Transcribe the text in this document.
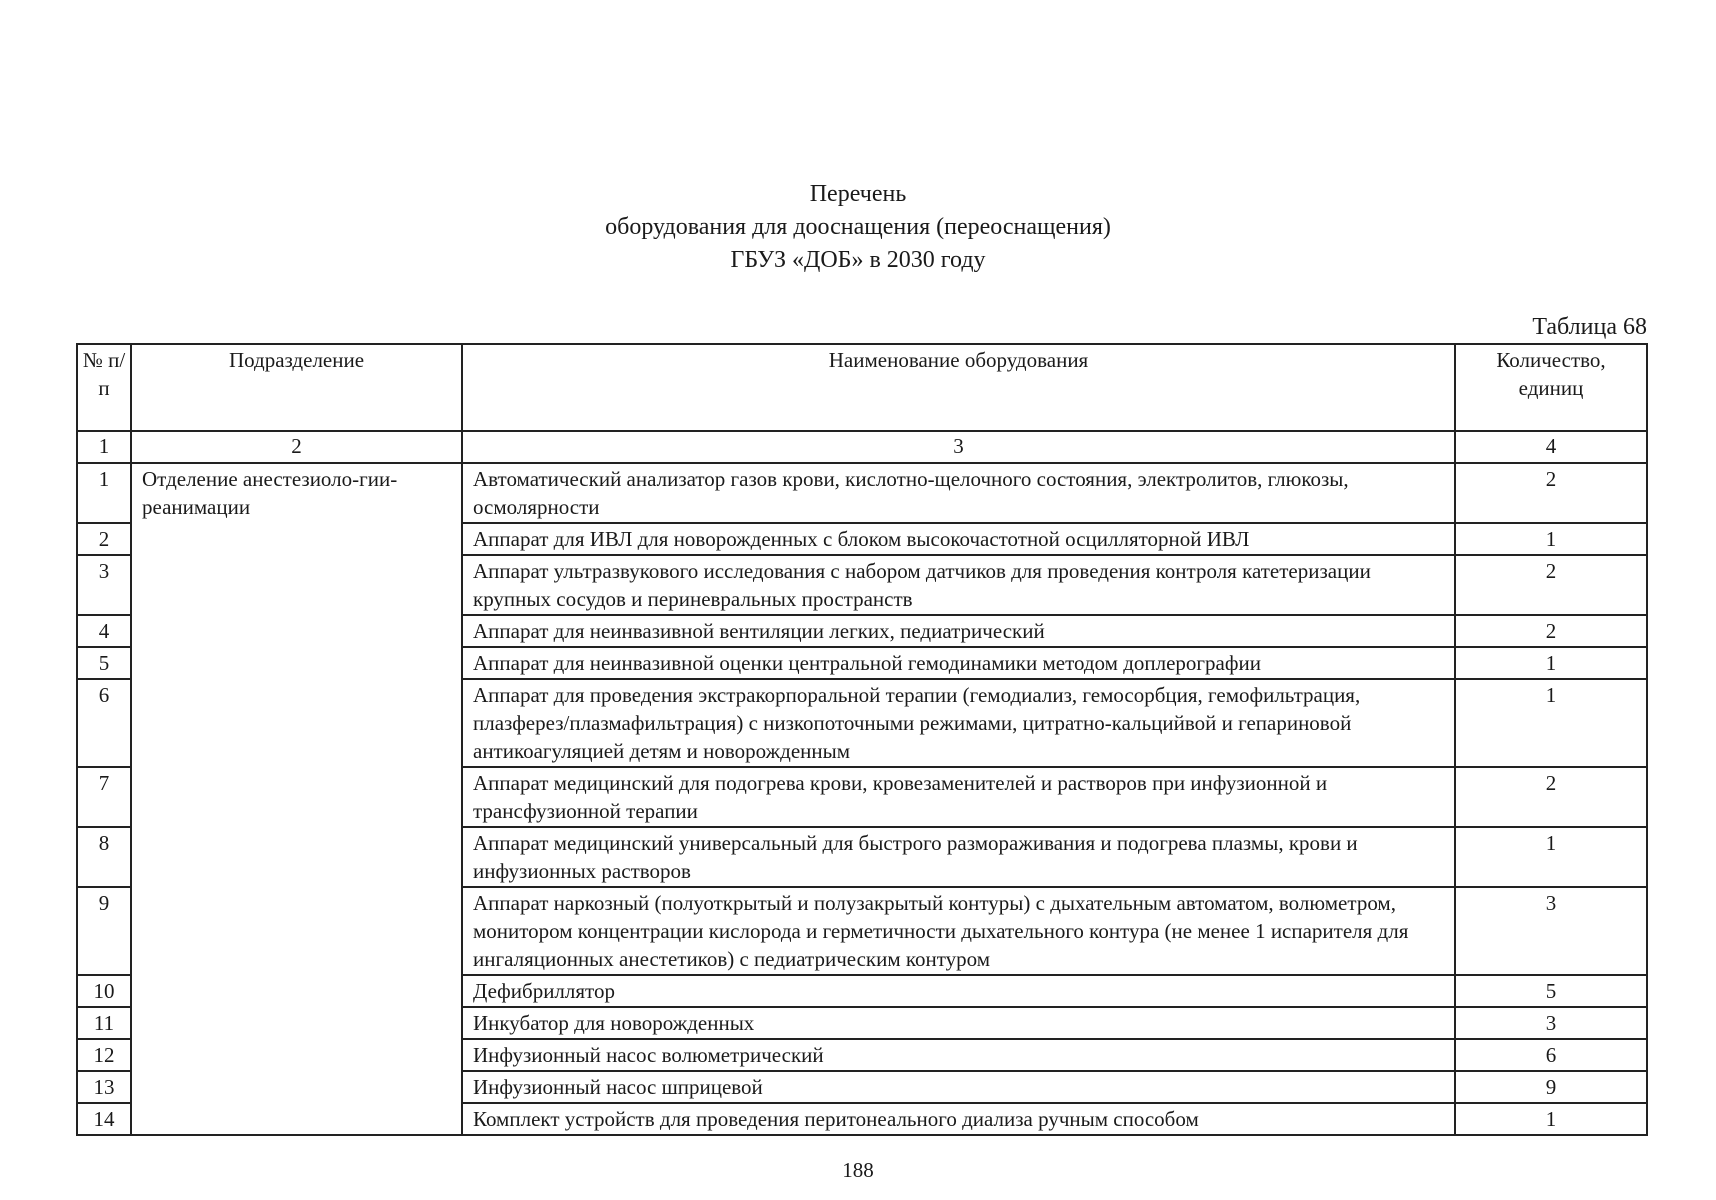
Перечень
оборудования для дооснащения (переоснащения)
ГБУЗ «ДОБ» в 2030 году
Таблица 68
№ п/ п	Подразделение	Наименование оборудования	Количество, единиц
1	2	3	4
1	Отделение анестезиоло-гии-реанимации	Автоматический анализатор газов крови, кислотно-щелочного состояния, электролитов, глюкозы, осмолярности	2
2		Аппарат для ИВЛ для новорожденных с блоком высокочастотной осцилляторной ИВЛ	1
3		Аппарат ультразвукового исследования с набором датчиков для проведения контроля катетеризации крупных сосудов и периневральных пространств	2
4		Аппарат для неинвазивной вентиляции легких, педиатрический	2
5		Аппарат для неинвазивной оценки центральной гемодинамики методом доплерографии	1
6		Аппарат для проведения экстракорпоральной терапии (гемодиализ, гемосорбция, гемофильтрация, плазферез/плазмафильтрация) с низкопоточными режимами, цитратно-кальцийвой и гепариновой антикоагуляцией детям и новорожденным	1
7		Аппарат медицинский для подогрева крови, кровезаменителей и растворов при инфузионной и трансфузионной терапии	2
8		Аппарат медицинский универсальный для быстрого размораживания и подогрева плазмы, крови и инфузионных растворов	1
9		Аппарат наркозный (полуоткрытый и полузакрытый контуры) с дыхательным автоматом, волюметром, монитором концентрации кислорода и герметичности дыхательного контура (не менее 1 испарителя для ингаляционных анестетиков) с педиатрическим контуром	3
10		Дефибриллятор	5
11		Инкубатор для новорожденных	3
12		Инфузионный насос волюметрический	6
13		Инфузионный насос шприцевой	9
14		Комплект устройств для проведения перитонеального диализа ручным способом	1
188
